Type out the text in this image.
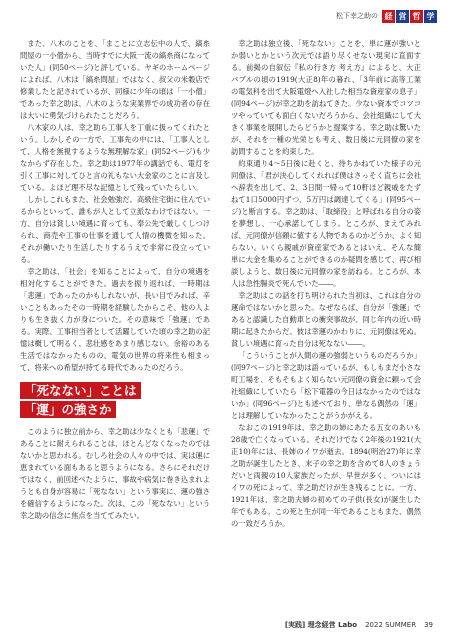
松下幸之助の 経 営 哲 学

また、八木のことを、「まことに立志伝中の人で、縞糸問屋の一小僧から、当時すでに大阪一流の縞糸商になっていた人」(同50ページ)と評している。ヤギのホームページによれば、八木は「縞糸問屋」ではなく、叔父の米穀店で修業したと記されているが、同様に少年の頃は「一小僧」であった幸之助は、八木のような実業界での成功者の存在は大いに勇気づけられたことだろう。

八木家の人は、幸之助ら工事人を丁重に扱ってくれたという。しかしその一方で、工事先の中には、「工事人として、人格を無視するような無理解な家」(同52ページ)も少なからず存在した。幸之助は1977年の講話でも、電灯を引く工事に対してひと言の礼もない大金家のことに言及している。よほど理不尽な記憶として残っていたらしい。

しかしこれもまた、社会勉強だ。高級住宅街に住んでいるからといって、誰もが人として立派なわけではない。一方、自分は貧しい境遇に育っても、奉公先で厳しくしつけられ、商売や工事の仕事を通して人情の機微を知った。それが働いたり生活したりするうえで非常に役立っている。

幸之助は、「社会」を知ることによって、自分の境遇を相対化することができた。過去を振り返れば、一時期は「悲運」であったのかもしれないが、長い目でみれば、辛いこともあったその一時期を経験したからこそ、他の人よりも生き抜く力が身についた。その意味で「強運」である。実際、工事担当者として活躍していた頃の幸之助の記憶は概して明るく、悲壮感をあまり感じない。余裕のある生活ではなかったものの、電気の世界の将来性も相まって、将来への希望が持てる時代であったのだろう。

「死なない」ことは
「運」の強さか

このように独立前から、幸之助は少なくとも「悲運」であることに耐えられることは、ほとんどなくなったのではないかと思われる。むしろ社会の人々の中では、実は運に恵まれている面もあると思うようになる。さらにそれだけではなく、前回述べたように、事故や病気に巻き込まれようとも自身が容易に「死なない」という事実に、運の強さを確信するようになった。次は、この「死なない」という幸之助の信念に焦点を当ててみたい。

幸之助は独立後、「死なない」ことを、単に運が強いとか弱いとかという次元では語り尽くせない現実に直面する。前掲の自叙伝『私の行き方 考え方』によると、大正バブルの頃の1919(大正8)年の暮れ、「3年前に高等工業の電気科を出て大阪電燈へ入社した相当な資産家の息子」(同94ページ)が幸之助を訪ねてきた。少ない資本でコツコツやっていても面白くないだろうから、会社組織にして大きく事業を展開したらどうかと提案する。幸之助は驚いたが、それを一種の光栄とも考え、数日後に元同僚の家を訪問することを約束した。

約束通り4〜5日後に赴くと、待ちかねていた様子の元同僚は、「君が決心してくれれば僕はさっそく直ちに会社へ辞表を出して、2、3日間一帰って10軒ほど親戚をたずねて1口5000円ずつ、5万円は調達してくる」(同95ページ)と断言する。幸之助は、「取締役」と呼ばれる自分の姿を夢想し、一心承諾してしまう。ところが、まえてみれば、元同僚が信頼に値する人物であるのかどうか、よく知らない。いくら親戚が資産家であるとはいえ、そんな簡単に大金を集めることができるのか疑問を感じて、再び相談しようと、数日後に元同僚の家を訪ねる。ところが、本人は急性腸炎で死んでいた――。

幸之助はこの話を打ち明けられた当初は、これは自分の運命ではないかと思った。なぜならば、自分が「強運」であると認識した自動車との衝突事故が、同じ年内の近い時期に起きたからだ。彼は幸運のかわりに、元同僚は死ぬ。貧しい境遇に育った自分は死なない――。

「こういうことが入間の運の強弱というものだろうか」(同97ページ)と幸之助は語っているが、もしもまだ小さな町工場を、そもそもよく知らない元同僚の資金に頼って会社組織にしていたら「松下電器の今日はなかったのではないか」(同96ページ)とも述べており、単なる偶然の「運」とは理解していなかったことがうかがえる。

なおこの1919年は、幸之助の姉にあたる五女のあいも28歳で亡くなっている。それだけでなく2年後の1921(大正10)年には、長姉のイワが逝去。1894(明治27)年に幸之助が誕生したとき、末子の幸之助を含めて8人のきょうだいと両親の10人家族だったが、早世が多く、ついにはイワの死によって、幸之助だけが生き残ることに。一方、1921年は、幸之助夫婦の初めての子供(長女)が誕生した年でもある。この死と生が同一年であることもまた、偶然の一致だろうか。

[実践] 理念経営 Labo 2022 SUMMER 39
